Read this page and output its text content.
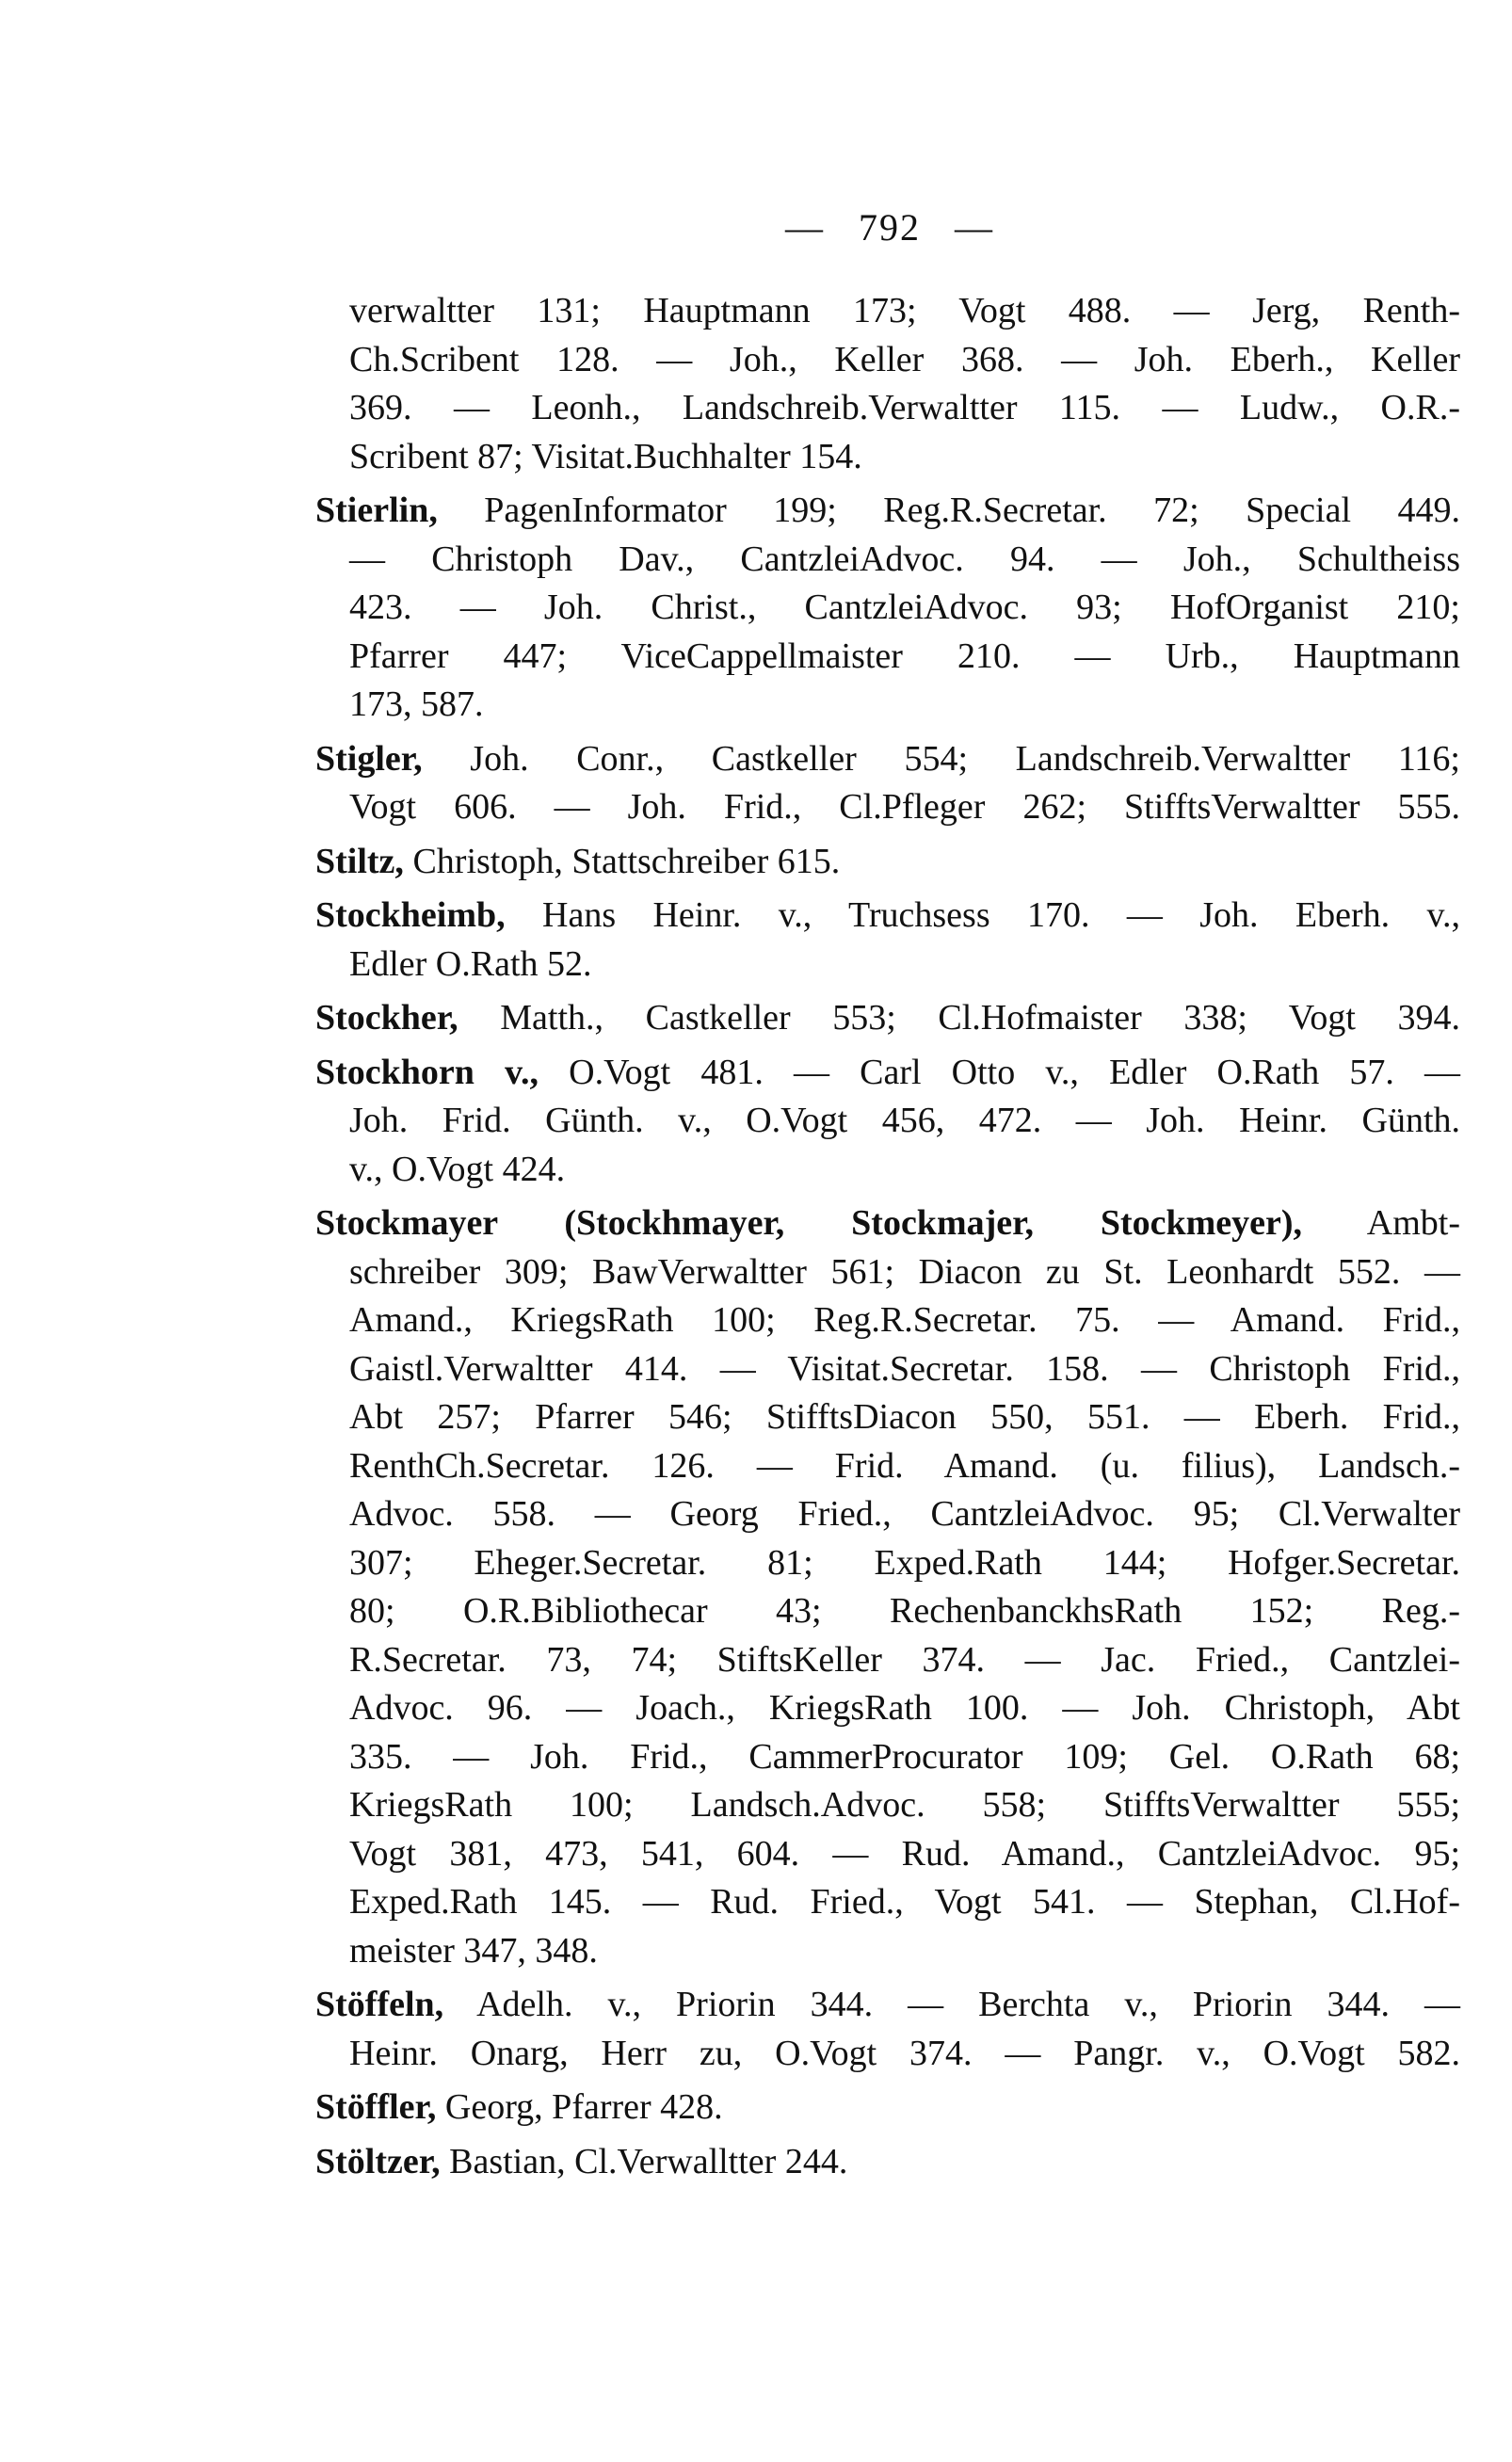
— 792 —
verwaltter 131; Hauptmann 173; Vogt 488. — Jerg, Renth-
Ch.Scribent 128. — Joh., Keller 368. — Joh. Eberh., Keller
369. — Leonh., Landschreib.Verwaltter 115. — Ludw., O.R.-
Scribent 87; Visitat.Buchhalter 154.
Stierlin, PagenInformator 199; Reg.R.Secretar. 72; Special 449.
— Christoph Dav., CantzleiAdvoc. 94. — Joh., Schultheiss
423. — Joh. Christ., CantzleiAdvoc. 93; HofOrganist 210;
Pfarrer 447; ViceCappellmaister 210. — Urb., Hauptmann
173, 587.
Stigler, Joh. Conr., Castkeller 554; Landschreib.Verwaltter 116;
Vogt 606. — Joh. Frid., Cl.Pfleger 262; StifftsVerwaltter 555.
Stiltz, Christoph, Stattschreiber 615.
Stockheimb, Hans Heinr. v., Truchsess 170. — Joh. Eberh. v.,
Edler O.Rath 52.
Stockher, Matth., Castkeller 553; Cl.Hofmaister 338; Vogt 394.
Stockhorn v., O.Vogt 481. — Carl Otto v., Edler O.Rath 57. —
Joh. Frid. Günth. v., O.Vogt 456, 472. — Joh. Heinr. Günth.
v., O.Vogt 424.
Stockmayer (Stockhmayer, Stockmajer, Stockmeyer), Ambt-
schreiber 309; BawVerwaltter 561; Diacon zu St. Leonhardt 552. —
Amand., KriegsRath 100; Reg.R.Secretar. 75. — Amand. Frid.,
Gaistl.Verwaltter 414. — Visitat.Secretar. 158. — Christoph Frid.,
Abt 257; Pfarrer 546; StifftsDiacon 550, 551. — Eberh. Frid.,
RenthCh.Secretar. 126. — Frid. Amand. (u. filius), Landsch.-
Advoc. 558. — Georg Fried., CantzleiAdvoc. 95; Cl.Verwalter
307; Eheger.Secretar. 81; Exped.Rath 144; Hofger.Secretar.
80; O.R.Bibliothecar 43; RechenbanckhsRath 152; Reg.-
R.Secretar. 73, 74; StiftsKeller 374. — Jac. Fried., Cantzlei-
Advoc. 96. — Joach., KriegsRath 100. — Joh. Christoph, Abt
335. — Joh. Frid., CammerProcurator 109; Gel. O.Rath 68;
KriegsRath 100; Landsch.Advoc. 558; StifftsVerwaltter 555;
Vogt 381, 473, 541, 604. — Rud. Amand., CantzleiAdvoc. 95;
Exped.Rath 145. — Rud. Fried., Vogt 541. — Stephan, Cl.Hof-
meister 347, 348.
Stöffeln, Adelh. v., Priorin 344. — Berchta v., Priorin 344. —
Heinr. Onarg, Herr zu, O.Vogt 374. — Pangr. v., O.Vogt 582.
Stöffler, Georg, Pfarrer 428.
Stöltzer, Bastian, Cl.Verwalltter 244.
